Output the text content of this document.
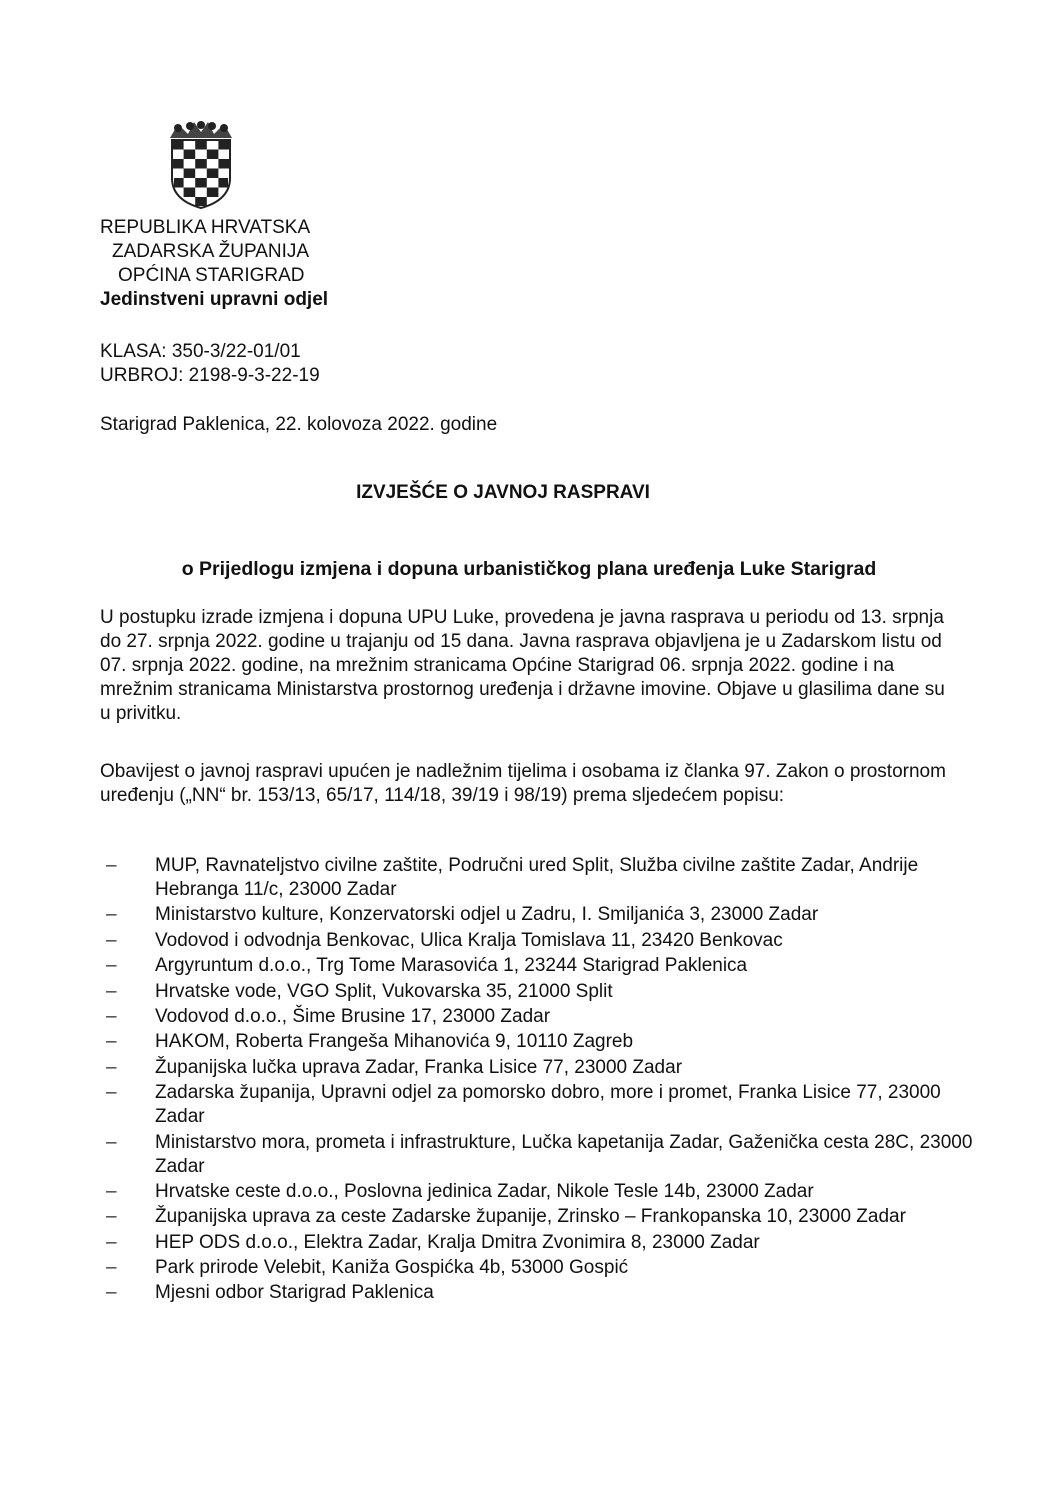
REPUBLIKA HRVATSKA
ZADARSKA ŽUPANIJA
OPĆINA STARIGRAD
Jedinstveni upravni odjel
KLASA: 350-3/22-01/01
URBROJ: 2198-9-3-22-19
Starigrad Paklenica, 22. kolovoza 2022. godine
IZVJEŠĆE O JAVNOJ RASPRAVI
o Prijedlogu izmjena i dopuna urbanističkog plana uređenja Luke Starigrad
U postupku izrade izmjena i dopuna UPU Luke, provedena je javna rasprava u periodu od 13. srpnja do 27. srpnja 2022. godine u trajanju od 15 dana. Javna rasprava objavljena je u Zadarskom listu od 07. srpnja 2022. godine, na mrežnim stranicama Općine Starigrad 06. srpnja 2022. godine i na mrežnim stranicama Ministarstva prostornog uređenja i državne imovine. Objave u glasilima dane su u privitku.
Obavijest o javnoj raspravi upućen je nadležnim tijelima i osobama iz članka 97. Zakon o prostornom uređenju („NN“ br. 153/13, 65/17, 114/18, 39/19 i 98/19) prema sljedećem popisu:
– MUP, Ravnateljstvo civilne zaštite, Područni ured Split, Služba civilne zaštite Zadar, Andrije Hebranga 11/c, 23000 Zadar
– Ministarstvo kulture, Konzervatorski odjel u Zadru, I. Smiljanića 3, 23000 Zadar
– Vodovod i odvodnja Benkovac, Ulica Kralja Tomislava 11, 23420 Benkovac
– Argyruntum d.o.o., Trg Tome Marasovića 1, 23244 Starigrad Paklenica
– Hrvatske vode, VGO Split, Vukovarska 35, 21000 Split
– Vodovod d.o.o., Šime Brusine 17, 23000 Zadar
– HAKOM, Roberta Frangeša Mihanovića 9, 10110 Zagreb
– Županijska lučka uprava Zadar, Franka Lisice 77, 23000 Zadar
– Zadarska županija, Upravni odjel za pomorsko dobro, more i promet, Franka Lisice 77, 23000 Zadar
– Ministarstvo mora, prometa i infrastrukture, Lučka kapetanija Zadar, Gaženička cesta 28C, 23000 Zadar
– Hrvatske ceste d.o.o., Poslovna jedinica Zadar, Nikole Tesle 14b, 23000 Zadar
– Županijska uprava za ceste Zadarske županije, Zrinsko – Frankopanska 10, 23000 Zadar
– HEP ODS d.o.o., Elektra Zadar, Kralja Dmitra Zvonimira 8, 23000 Zadar
– Park prirode Velebit, Kaniža Gospićka 4b, 53000 Gospić
– Mjesni odbor Starigrad Paklenica
